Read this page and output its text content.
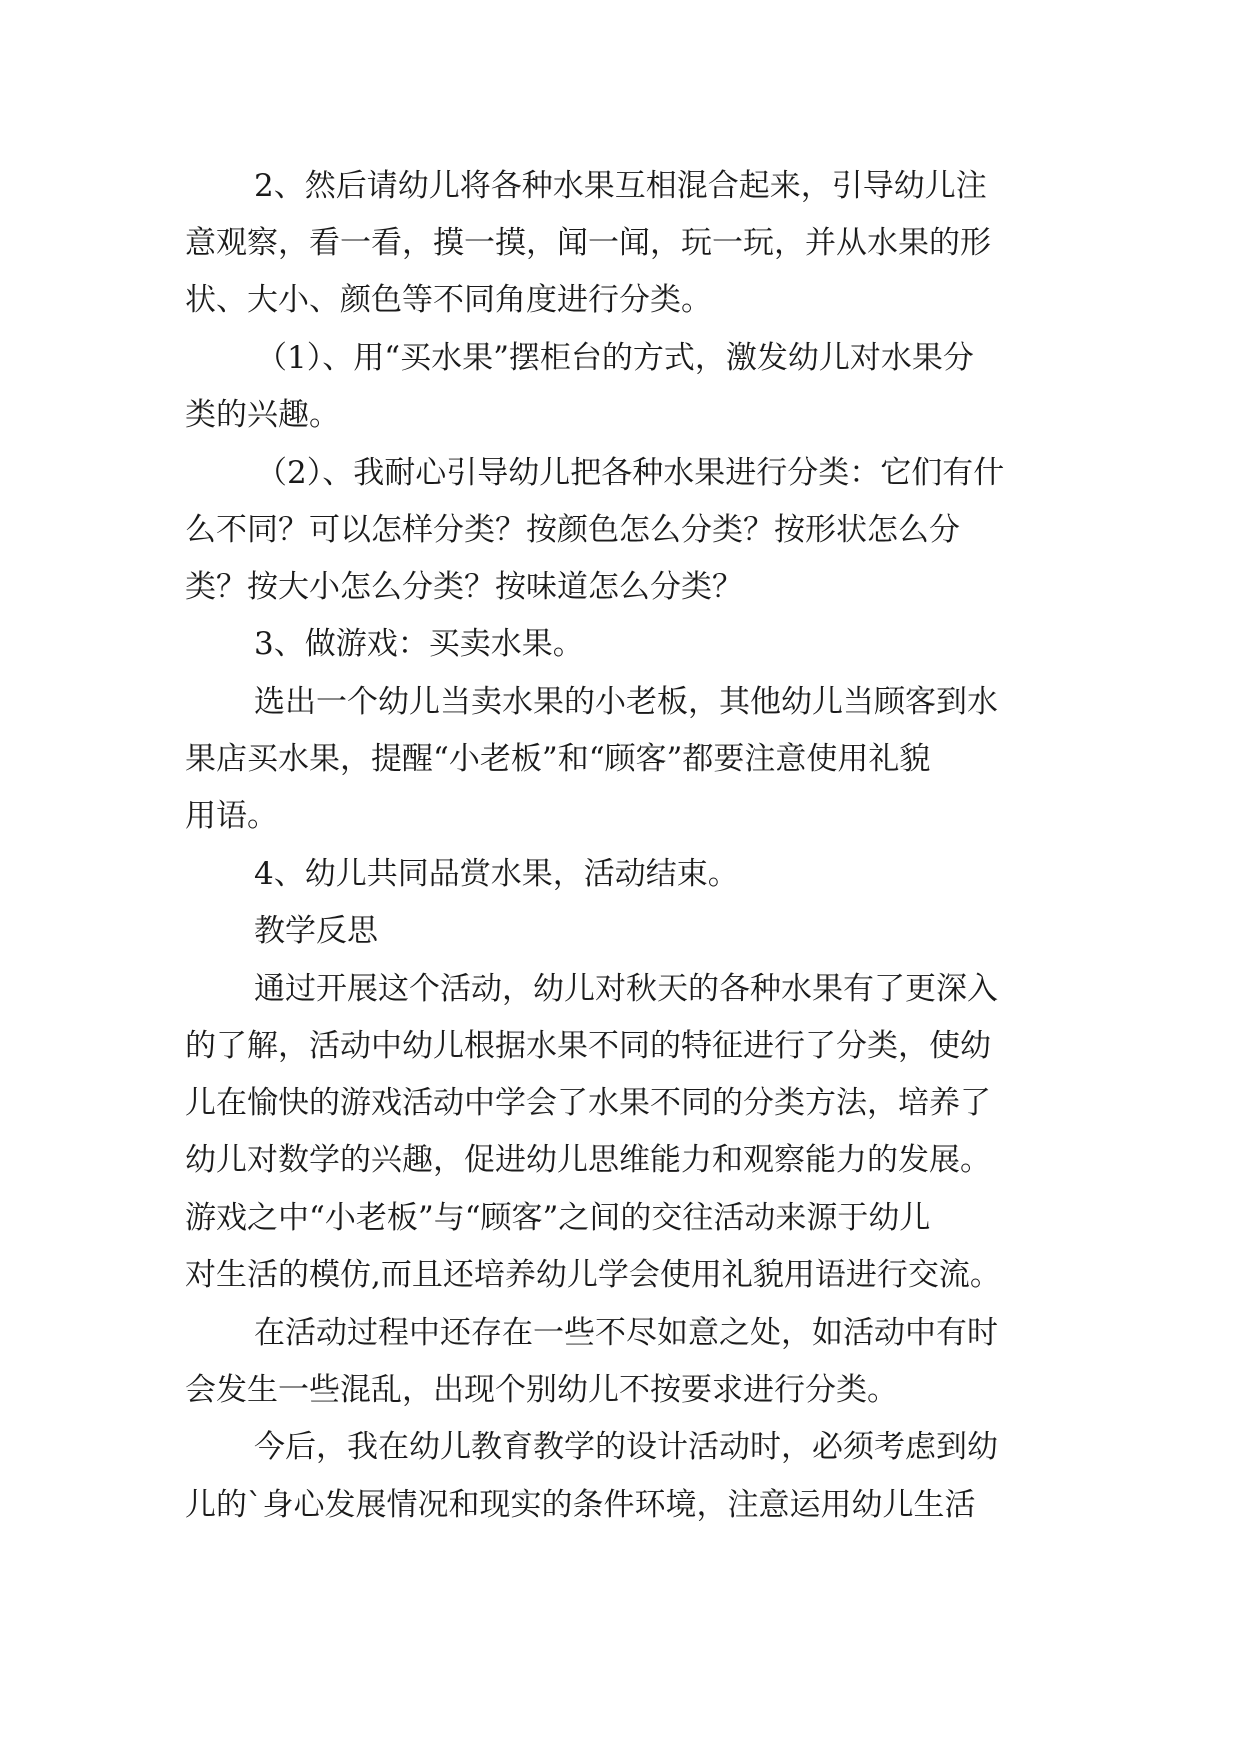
2、然后请幼儿将各种水果互相混合起来，引导幼儿注

意观察，看一看，摸一摸，闻一闻，玩一玩，并从水果的形

状、大小、颜色等不同角度进行分类。

（1）、用“买水果”摆柜台的方式，激发幼儿对水果分

类的兴趣。

（2）、我耐心引导幼儿把各种水果进行分类：它们有什

么不同？可以怎样分类？按颜色怎么分类？按形状怎么分

类？按大小怎么分类？按味道怎么分类？

3、做游戏：买卖水果。

选出一个幼儿当卖水果的小老板，其他幼儿当顾客到水

果店买水果，提醒“小老板”和“顾客”都要注意使用礼貌

用语。

4、幼儿共同品赏水果，活动结束。

教学反思

通过开展这个活动，幼儿对秋天的各种水果有了更深入

的了解，活动中幼儿根据水果不同的特征进行了分类，使幼

儿在愉快的游戏活动中学会了水果不同的分类方法，培养了

幼儿对数学的兴趣，促进幼儿思维能力和观察能力的发展。

游戏之中“小老板”与“顾客”之间的交往活动来源于幼儿

对生活的模仿,而且还培养幼儿学会使用礼貌用语进行交流。

在活动过程中还存在一些不尽如意之处，如活动中有时

会发生一些混乱，出现个别幼儿不按要求进行分类。

今后，我在幼儿教育教学的设计活动时，必须考虑到幼

儿的`身心发展情况和现实的条件环境，注意运用幼儿生活
